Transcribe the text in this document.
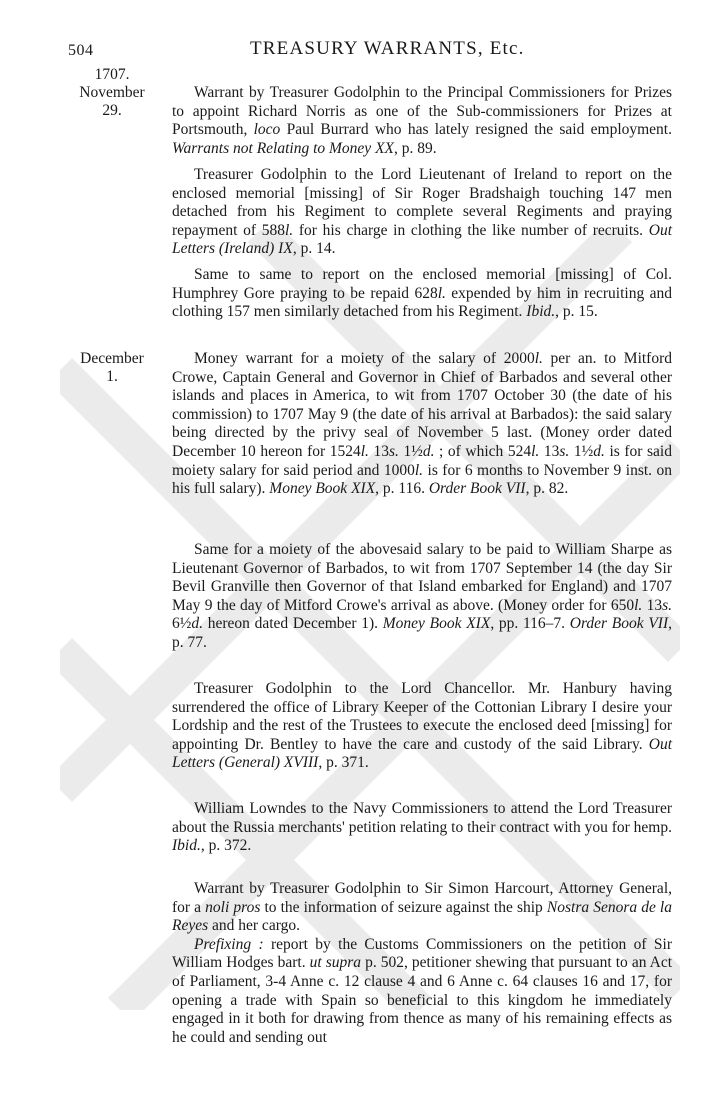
504	TREASURY WARRANTS, Etc.
1707.
November
29.
December
1.

Warrant by Treasurer Godolphin to the Principal Commissioners for Prizes to appoint Richard Norris as one of the Sub-commissioners for Prizes at Portsmouth, loco Paul Burrard who has lately resigned the said employment. Warrants not Relating to Money XX, p. 89.

Treasurer Godolphin to the Lord Lieutenant of Ireland to report on the enclosed memorial [missing] of Sir Roger Bradshaigh touching 147 men detached from his Regiment to complete several Regiments and praying repayment of 588l. for his charge in clothing the like number of recruits. Out Letters (Ireland) IX, p. 14.

Same to same to report on the enclosed memorial [missing] of Col. Humphrey Gore praying to be repaid 628l. expended by him in recruiting and clothing 157 men similarly detached from his Regiment. Ibid., p. 15.

Money warrant for a moiety of the salary of 2000l. per an. to Mitford Crowe, Captain General and Governor in Chief of Barbados and several other islands and places in America, to wit from 1707 October 30 (the date of his commission) to 1707 May 9 (the date of his arrival at Barbados): the said salary being directed by the privy seal of November 5 last. (Money order dated December 10 hereon for 1524l. 13s. 1½d. ; of which 524l. 13s. 1½d. is for said moiety salary for said period and 1000l. is for 6 months to November 9 inst. on his full salary). Money Book XIX, p. 116. Order Book VII, p. 82.

Same for a moiety of the abovesaid salary to be paid to William Sharpe as Lieutenant Governor of Barbados, to wit from 1707 September 14 (the day Sir Bevil Granville then Governor of that Island embarked for England) and 1707 May 9 the day of Mitford Crowe's arrival as above. (Money order for 650l. 13s. 6½d. hereon dated December 1). Money Book XIX, pp. 116–7. Order Book VII, p. 77.

Treasurer Godolphin to the Lord Chancellor. Mr. Hanbury having surrendered the office of Library Keeper of the Cottonian Library I desire your Lordship and the rest of the Trustees to execute the enclosed deed [missing] for appointing Dr. Bentley to have the care and custody of the said Library. Out Letters (General) XVIII, p. 371.

William Lowndes to the Navy Commissioners to attend the Lord Treasurer about the Russia merchants' petition relating to their contract with you for hemp. Ibid., p. 372.

Warrant by Treasurer Godolphin to Sir Simon Harcourt, Attorney General, for a noli pros to the information of seizure against the ship Nostra Senora de la Reyes and her cargo.

Prefixing : report by the Customs Commissioners on the petition of Sir William Hodges bart. ut supra p. 502, petitioner shewing that pursuant to an Act of Parliament, 3-4 Anne c. 12 clause 4 and 6 Anne c. 64 clauses 16 and 17, for opening a trade with Spain so beneficial to this kingdom he immediately engaged in it both for drawing from thence as many of his remaining effects as he could and sending out
